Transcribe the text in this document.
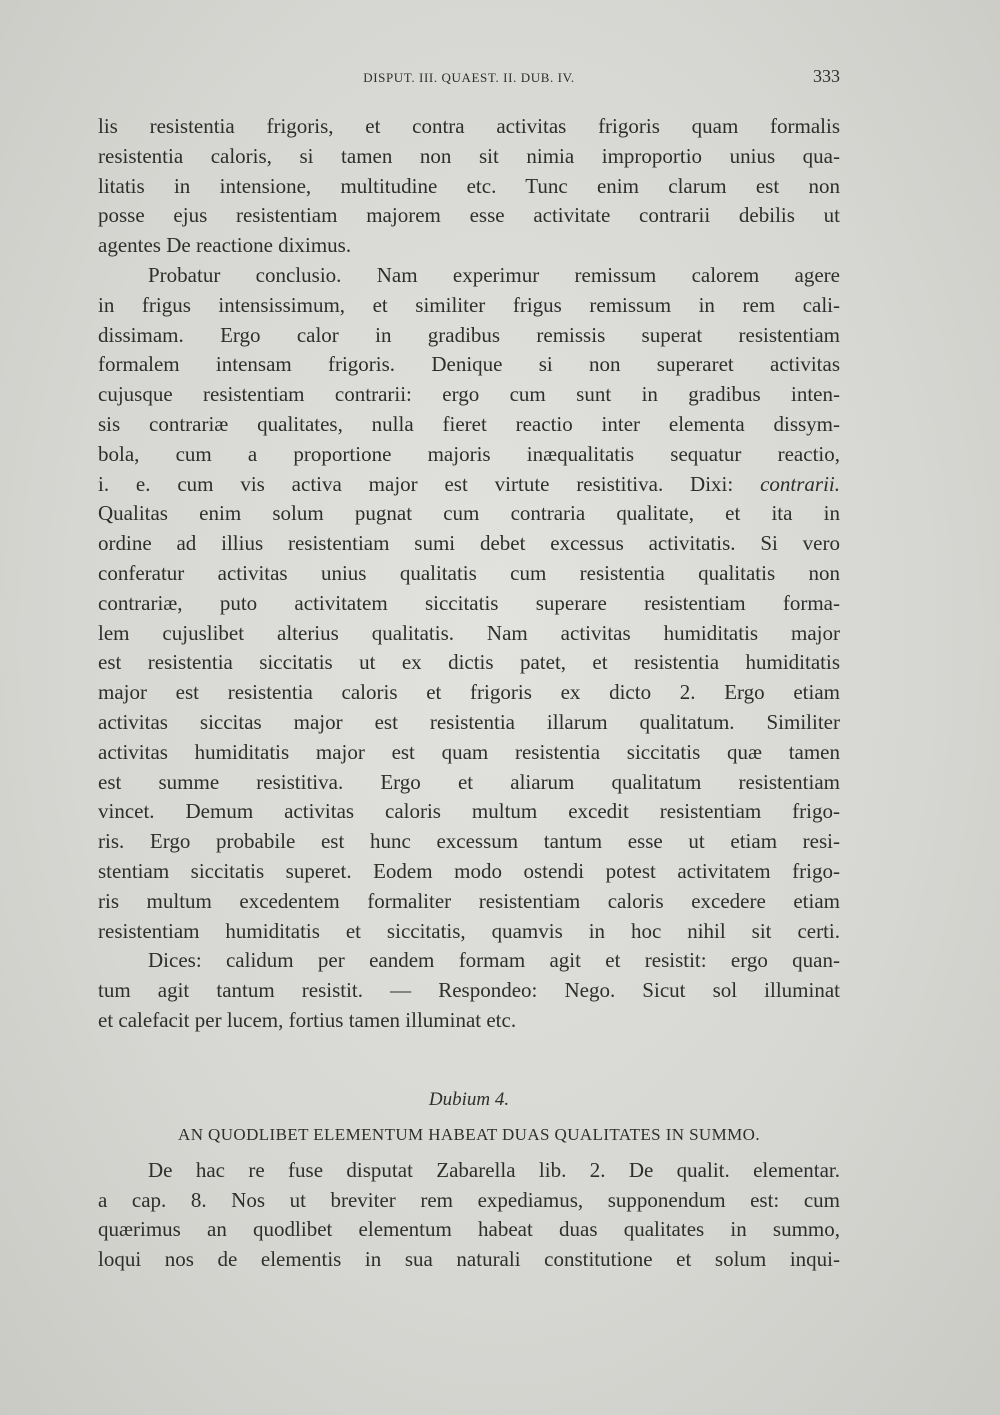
DISPUT. III. QUAEST. II. DUB. IV.	333
lis resistentia frigoris, et contra activitas frigoris quam formalis
resistentia caloris, si tamen non sit nimia improportio unius qua-
litatis in intensione, multitudine etc. Tunc enim clarum est non
posse ejus resistentiam majorem esse activitate contrarii debilis ut
agentes De reactione diximus.
Probatur conclusio. Nam experimur remissum calorem agere
in frigus intensissimum, et similiter frigus remissum in rem cali-
dissimam. Ergo calor in gradibus remissis superat resistentiam
formalem intensam frigoris. Denique si non superaret activitas
cujusque resistentiam contrarii: ergo cum sunt in gradibus inten-
sis contrariæ qualitates, nulla fieret reactio inter elementa dissym-
bola, cum a proportione majoris inæqualitatis sequatur reactio,
i. e. cum vis activa major est virtute resistitiva. Dixi: contrarii.
Qualitas enim solum pugnat cum contraria qualitate, et ita in
ordine ad illius resistentiam sumi debet excessus activitatis. Si vero
conferatur activitas unius qualitatis cum resistentia qualitatis non
contrariæ, puto activitatem siccitatis superare resistentiam forma-
lem cujuslibet alterius qualitatis. Nam activitas humiditatis major
est resistentia siccitatis ut ex dictis patet, et resistentia humiditatis
major est resistentia caloris et frigoris ex dicto 2. Ergo etiam
activitas siccitas major est resistentia illarum qualitatum. Similiter
activitas humiditatis major est quam resistentia siccitatis quæ tamen
est summe resistitiva. Ergo et aliarum qualitatum resistentiam
vincet. Demum activitas caloris multum excedit resistentiam frigo-
ris. Ergo probabile est hunc excessum tantum esse ut etiam resi-
stentiam siccitatis superet. Eodem modo ostendi potest activitatem frigo-
ris multum excedentem formaliter resistentiam caloris excedere etiam
resistentiam humiditatis et siccitatis, quamvis in hoc nihil sit certi.
Dices: calidum per eandem formam agit et resistit: ergo quan-
tum agit tantum resistit. — Respondeo: Nego. Sicut sol illuminat
et calefacit per lucem, fortius tamen illuminat etc.
Dubium 4.
AN QUODLIBET ELEMENTUM HABEAT DUAS QUALITATES IN SUMMO.
De hac re fuse disputat Zabarella lib. 2. De qualit. elementar.
a cap. 8. Nos ut breviter rem expediamus, supponendum est: cum
quærimus an quodlibet elementum habeat duas qualitates in summo,
loqui nos de elementis in sua naturali constitutione et solum inqui-
